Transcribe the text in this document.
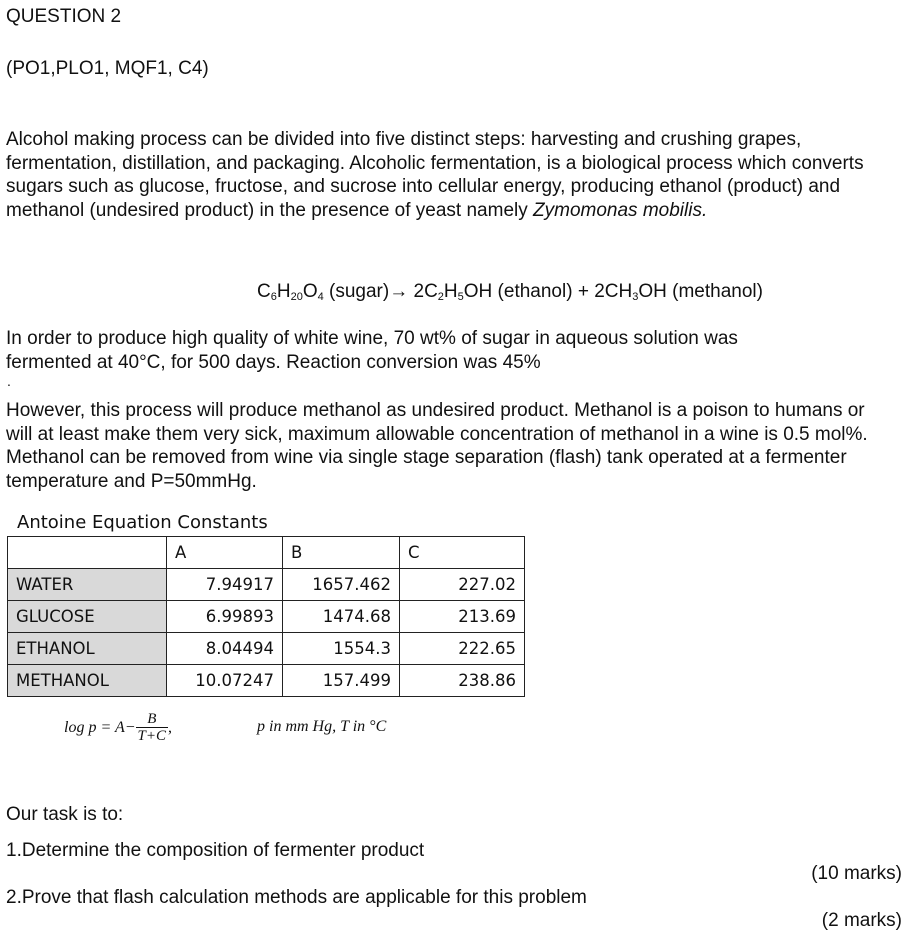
QUESTION 2
(PO1,PLO1, MQF1, C4)
Alcohol making process can be divided into five distinct steps: harvesting and crushing grapes, fermentation, distillation, and packaging. Alcoholic fermentation, is a biological process which converts sugars such as glucose, fructose, and sucrose into cellular energy, producing ethanol (product) and methanol (undesired product) in the presence of yeast namely Zymomonas mobilis.
$C_6H_{20}O_4$ (sugar)→ $2C_2H_5OH$ (ethanol) + $2CH_3OH$ (methanol)
In order to produce high quality of white wine, 70 wt% of sugar in aqueous solution was fermented at 40°C, for 500 days. Reaction conversion was 45%
.
However, this process will produce methanol as undesired product. Methanol is a poison to humans or will at least make them very sick, maximum allowable concentration of methanol in a wine is 0.5 mol%. Methanol can be removed from wine via single stage separation (flash) tank operated at a fermenter temperature and P=50mmHg.
Antoine Equation Constants
	A	B	C
WATER	7.94917	1657.462	227.02
GLUCOSE	6.99893	1474.68	213.69
ETHANOL	8.04494	1554.3	222.65
METHANOL	10.07247	157.499	238.86
$\log p = A- \frac{B}{T+C}$ ,	p in mm Hg, T in °C
Our task is to:
1.Determine the composition of fermenter product
(10 marks)
2.Prove that flash calculation methods are applicable for this problem
(2 marks)
